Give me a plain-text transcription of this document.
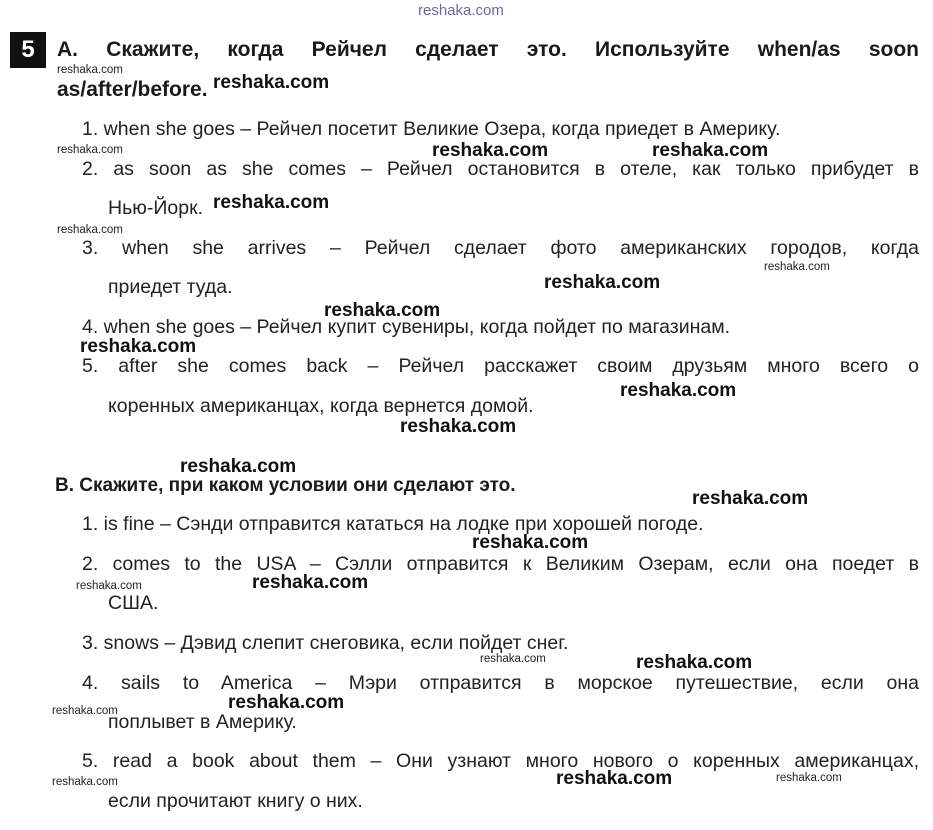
reshaka.com
5	A. Скажите, когда Рейчел сделает это. Используйте when/as soon
as/after/before.
1. when she goes – Рейчел посетит Великие Озера, когда приедет в Америку.
2. as soon as she comes – Рейчел остановится в отеле, как только прибудет в
Нью-Йорк.
3. when she arrives – Рейчел сделает фото американских городов, когда
приедет туда.
4. when she goes – Рейчел купит сувениры, когда пойдет по магазинам.
5. after she comes back – Рейчел расскажет своим друзьям много всего о
коренных американцах, когда вернется домой.
B. Скажите, при каком условии они сделают это.
1. is fine – Сэнди отправится кататься на лодке при хорошей погоде.
2. comes to the USA – Сэлли отправится к Великим Озерам, если она поедет в
США.
3. snows – Дэвид слепит снеговика, если пойдет снег.
4. sails to America – Мэри отправится в морское путешествие, если она
поплывет в Америку.
5. read a book about them – Они узнают много нового о коренных американцах,
если прочитают книгу о них.
reshaka.com
reshaka.com	reshaka.com
reshaka.com
reshaka.com
reshaka.com
reshaka.com
reshaka.com
reshaka.com
reshaka.com
reshaka.com
reshaka.com
reshaka.com
reshaka.com
reshaka.com
reshaka.com
reshaka.com
reshaka.com
reshaka.com
reshaka.com
reshaka.com
reshaka.com
reshaka.com
reshaka.com	reshaka.com
